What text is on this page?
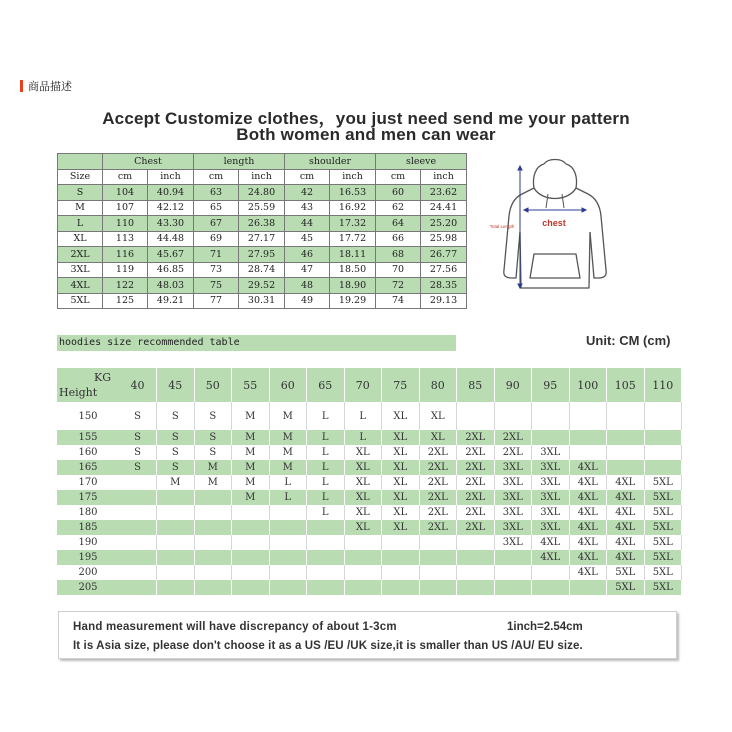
商品描述
Accept Customize clothes，you just need send me your pattern
Both women and men can wear
	Chest		length		shoulder		sleeve	
Size	cm	inch	cm	inch	cm	inch	cm	inch
S	104	40.94	63	24.80	42	16.53	60	23.62
M	107	42.12	65	25.59	43	16.92	62	24.41
L	110	43.30	67	26.38	44	17.32	64	25.20
XL	113	44.48	69	27.17	45	17.72	66	25.98
2XL	116	45.67	71	27.95	46	18.11	68	26.77
3XL	119	46.85	73	28.74	47	18.50	70	27.56
4XL	122	48.03	75	29.52	48	18.90	72	28.35
5XL	125	49.21	77	30.31	49	19.29	74	29.13
chest
Total Length
hoodies size recommended table	Unit: CM (cm)
KG
Height	40	45	50	55	60	65	70	75	80	85	90	95	100	105	110
150	S	S	S	M	M	L	L	XL	XL						
155	S	S	S	M	M	L	L	XL	XL	2XL	2XL				
160	S	S	S	M	M	L	XL	XL	2XL	2XL	2XL	3XL			
165	S	S	M	M	M	L	XL	XL	2XL	2XL	3XL	3XL	4XL		
170		M	M	M	L	L	XL	XL	2XL	2XL	3XL	3XL	4XL	4XL	5XL
175				M	L	L	XL	XL	2XL	2XL	3XL	3XL	4XL	4XL	5XL
180						L	XL	XL	2XL	2XL	3XL	3XL	4XL	4XL	5XL
185							XL	XL	2XL	2XL	3XL	3XL	4XL	4XL	5XL
190											3XL	4XL	4XL	4XL	5XL
195												4XL	4XL	4XL	5XL
200													4XL	5XL	5XL
205														5XL	5XL
Hand measurement will have discrepancy of about 1-3cm	1inch=2.54cm
It is Asia size, please don't choose it as a US /EU /UK size,it is smaller than US /AU/ EU size.
